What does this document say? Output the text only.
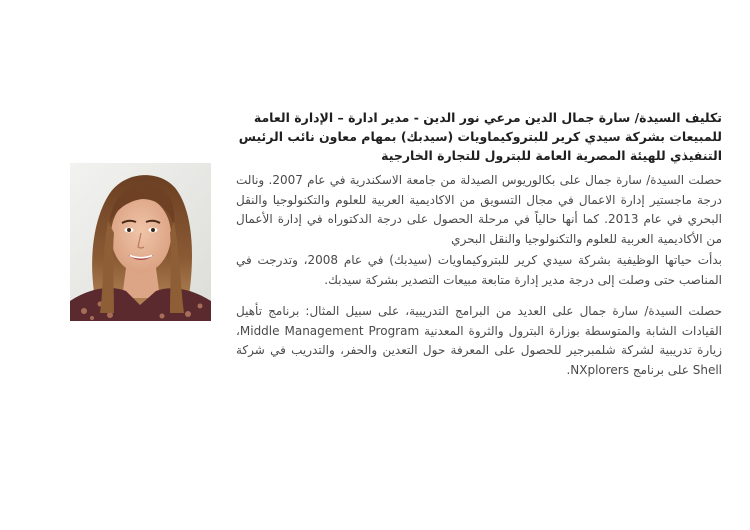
تكليف السيدة/ سارة جمال الدين مرعي نور الدين - مدير ادارة – الإدارة العامة للمبيعات بشركة سيدي كرير للبتروكيماويات (سيدبك) بمهام معاون نائب الرئيس التنفيذي للهيئة المصرية العامة للبترول للتجارة الخارجية

حصلت السيدة/ سارة جمال على بكالوريوس الصيدلة من جامعة الاسكندرية في عام 2007. ونالت درجة ماجستير إدارة الاعمال في مجال التسويق من الاكاديمية العربية للعلوم والتكنولوجيا والنقل البحري في عام 2013. كما أنها حالياً في مرحلة الحصول على درجة الدكتوراه في إدارة الأعمال من الأكاديمية العربية للعلوم والتكنولوجيا والنقل البحري

بدأت حياتها الوظيفية بشركة سيدي كرير للبتروكيماويات (سيدبك) في عام 2008، وتدرجت في المناصب حتى وصلت إلى درجة مدير إدارة متابعة مبيعات التصدير بشركة سيدبك.

حصلت السيدة/ سارة جمال على العديد من البرامج التدريبية، على سبيل المثال: برنامج تأهيل القيادات الشابة والمتوسطة بوزارة البترول والثروة المعدنية Middle Management Program، زيارة تدريبية لشركة شلمبرجير للحصول على المعرفة حول التعدين والحفر، والتدريب في شركة Shell على برنامج NXplorers.
